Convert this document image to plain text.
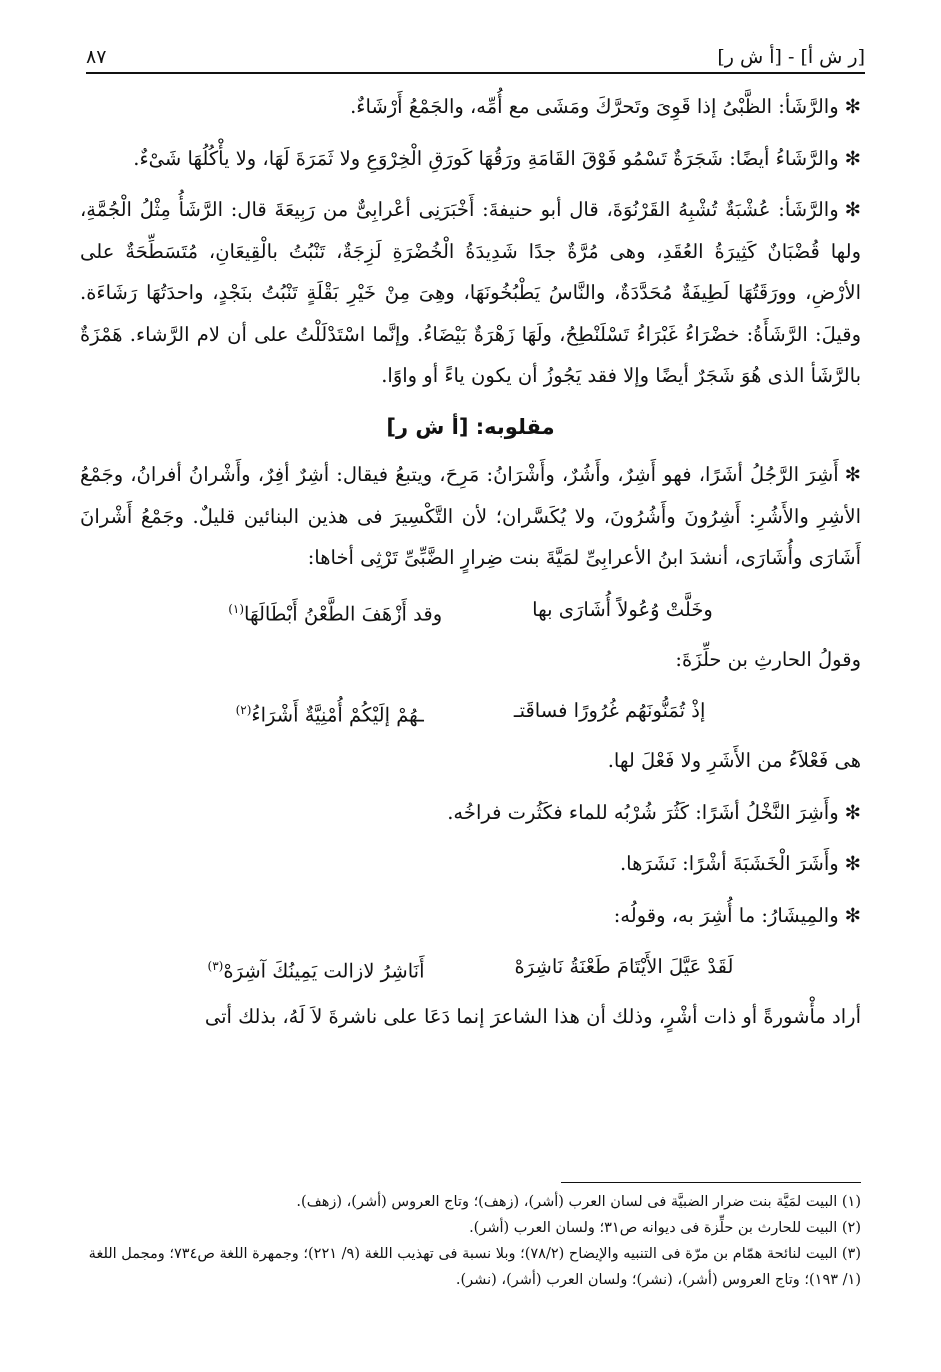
[ر ش أ] - [أ ش ر]
٨٧

✻والرَّشَأ: الظَّبْىُ إذا قَوِىَ وتَحرَّكَ ومَشَى مع أُمِّه، والجَمْعُ أَرْشَاءٌ.

✻والرَّشَاءُ أيضًا: شَجَرَةٌ تَسْمُو فَوْقَ القَامَةِ ورَقُهَا كَورَقِ الْخِرْوَعِ ولا ثَمَرَةَ لَهَا، ولا يأْكُلُهَا شَىْءٌ.

✻والرَّشَأ: عُشْبَةٌ تُشْبِهُ القَرْنُوَةَ، قال أبو حنيفةَ: أَخْبَرَنِى أعْرابِىٌّ من رَبِيعَةَ قال: الرَّشَأُ مِثْلُ الْجُمَّةِ، ولها قُضْبَانٌ كَثِيرَةُ العُقَدِ، وهى مُرَّةٌ جدًا شَدِيدَةُ الْخُضْرَةِ لَزِجَةٌ، تَنْبُتُ بالْقِيعَانِ، مُتَسَطِّحَةٌ على الأرْضِ، وورَقَتُهَا لَطِيفَةٌ مُحَدَّدَةٌ، والنَّاسُ يَطْبُخُونَهَا، وهِىَ مِنْ خَيْرِ بَقْلَةٍ تَنْبُتُ بنَجْدٍ، واحدَتُهَا رَشَاءَة. وقيلَ: الرَّشَأَةُ: خضْرَاءُ غَبْرَاءُ تَسْلَنْطِحُ، ولَهَا زَهْرَةٌ بَيْضَاءُ. وإنَّما اسْتَدْلَلْتُ على أن لام الرَّشاء. هَمْزَةٌ بالرَّشَأ الذى هُوَ شَجَرٌ أيضًا وإلا فقد يَجُوزُ أن يكون ياءً أو واوًا.

مقلوبه: [أ ش ر]

✻أَشِرَ الرَّجُلُ أشَرًا، فهو أَشِرٌ، وأَشُرٌ، وأَشْرَانُ: مَرِحَ، ويتبعُ فيقال: أشِرٌ أفِرٌ، وأَشْرانُ أفرانُ، وجَمْعُ الأشِرِ والأَشُرِ: أَشِرُونَ وأَشُرُونَ، ولا يُكَسَّران؛ لأن التَّكْسِيرَ فى هذين البنائين قليلٌ. وجَمْعُ أَشْرانَ أَشَارَى وأُشَارَى، أنشدَ ابنُ الأعرابِىِّ لمَيَّةَ بنت ضِرارٍ الضَّبِّىِّ تَرْثِى أخاها:

وخَلَّتْ وُعُولاً أُشَارَى بها
وقد أَزْهَفَ الطَّعْنُ أَبْطَالَهَا$^{(١)}$

وقولُ الحارثِ بن حلِّزَةَ:

إذْ تُمَنُّونَهُم غُرُورًا فساقَتـ
ـهُمْ إلَيْكُمْ أُمْنِيَّةٌ أَشْرَاءُ$^{(٢)}$

هى فَعْلاَءُ من الأَشَرِ ولا فَعْلَ لها.

✻وأَشِرَ النَّخْلُ أشَرًا: كَثُرَ شُرْبُه للماء فكَثُرت فراخُه.

✻وأَشَرَ الْخَشَبَةَ أشْرًا: نَشَرَها.

✻والمِيشَارُ: ما أُشِرَ به، وقولُه:

لَقَدْ عَيَّلَ الأَيْتَامَ طَعْنَةُ نَاشِرَهْ
أَنَاشِرُ لازالت يَمِينُكَ آشِرَهْ$^{(٣)}$

أراد مأْشورةً أو ذات أشْرٍ، وذلك أن هذا الشاعرَ إنما دَعَا على ناشرةَ لاَ لَهُ، بذلك أتى

(١) البيت لمَيَّة بنت ضرار الضبيَّة فى لسان العرب (أشر)، (زهف)؛ وتاج العروس (أشر)، (زهف).

(٢) البيت للحارث بن حلِّزة فى ديوانه ص٣١؛ ولسان العرب (أشر).

(٣) البيت لنائحة همّام بن مرّة فى التنبيه والإيضاح (٧٨/٢)؛ وبلا نسبة فى تهذيب اللغة (٩/ ٢٢١)؛ وجمهرة اللغة ص٧٣٤؛ ومجمل اللغة (١/ ١٩٣)؛ وتاج العروس (أشر)، (نشر)؛ ولسان العرب (أشر)، (نشر).
